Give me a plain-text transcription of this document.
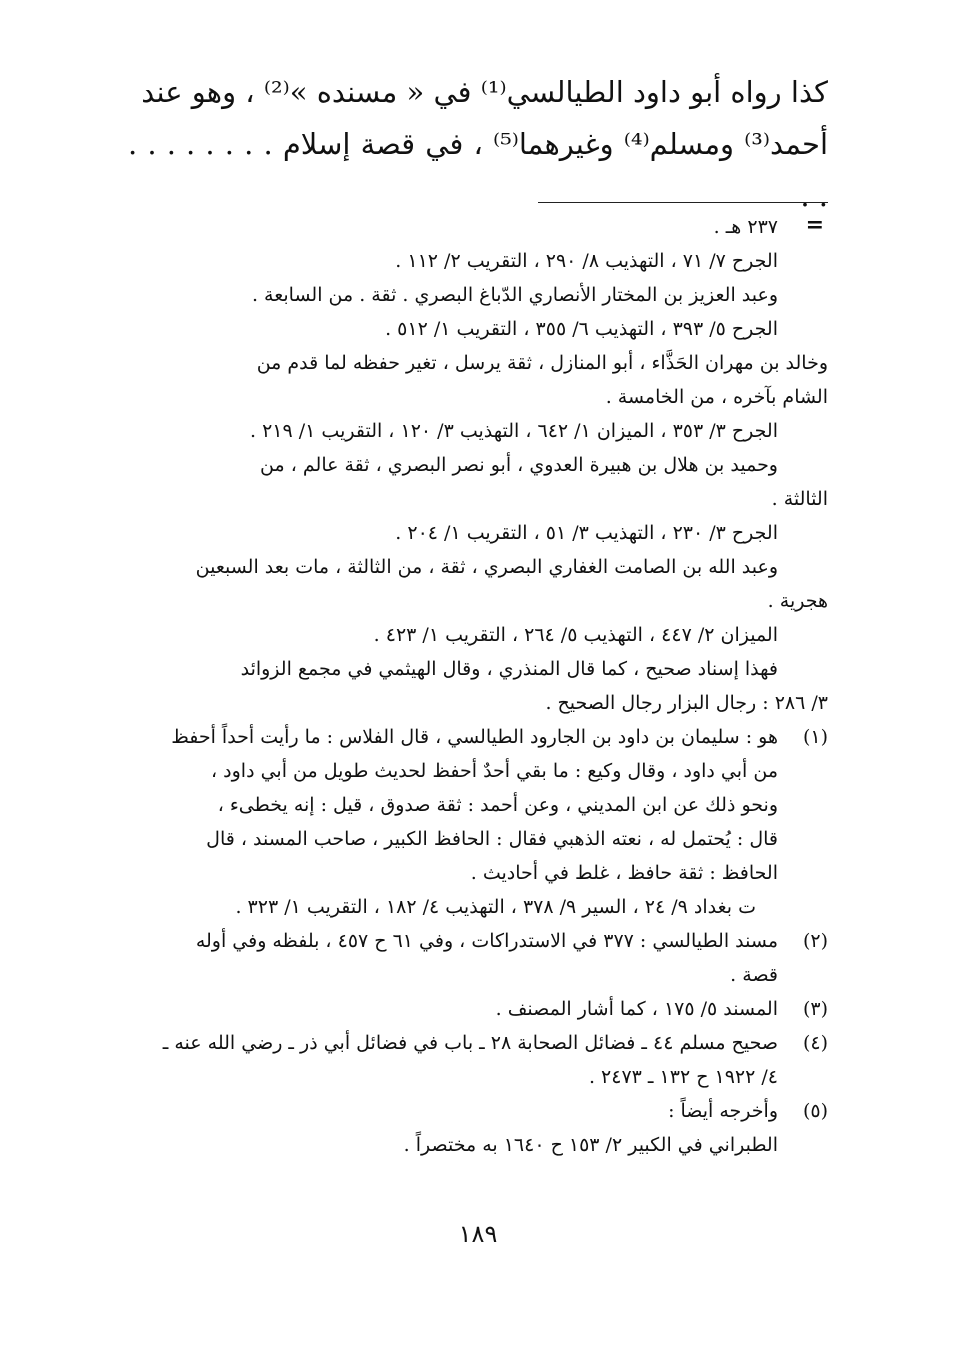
كذا رواه أبو داود الطيالسي⁽¹⁾ في « مسنده »⁽²⁾ ، وهو عند

أحمد⁽³⁾ ومسلم⁽⁴⁾ وغيرهما⁽⁵⁾ ، في قصة إسلام . . . . . . . . . .

=
٢٣٧ هـ .
الجرح ٧/ ٧١ ، التهذيب ٨/ ٢٩٠ ، التقريب ٢/ ١١٢ .
وعبد العزيز بن المختار الأنصاري الدّباغ البصري . ثقة . من السابعة .
الجرح ٥/ ٣٩٣ ، التهذيب ٦/ ٣٥٥ ، التقريب ١/ ٥١٢ .
وخالد بن مهران الحَذَّاء ، أبو المنازل ، ثقة يرسل ، تغير حفظه لما قدم من
الشام بآخره ، من الخامسة .
الجرح ٣/ ٣٥٣ ، الميزان ١/ ٦٤٢ ، التهذيب ٣/ ١٢٠ ، التقريب ١/ ٢١٩ .
وحميد بن هلال بن هبيرة العدوي ، أبو نصر البصري ، ثقة عالم ، من
الثالثة .
الجرح ٣/ ٢٣٠ ، التهذيب ٣/ ٥١ ، التقريب ١/ ٢٠٤ .
وعبد الله بن الصامت الغفاري البصري ، ثقة ، من الثالثة ، مات بعد السبعين
هجرية .
الميزان ٢/ ٤٤٧ ، التهذيب ٥/ ٢٦٤ ، التقريب ١/ ٤٢٣ .
فهذا إسناد صحيح ، كما قال المنذري ، وقال الهيثمي في مجمع الزوائد
٣/ ٢٨٦ : رجال البزار رجال الصحيح .
(١)
هو : سليمان بن داود بن الجارود الطيالسي ، قال الفلاس : ما رأيت أحداً أحفظ
من أبي داود ، وقال وكيع : ما بقي أحدٌ أحفظ لحديث طويل من أبي داود ،
ونحو ذلك عن ابن المديني ، وعن أحمد : ثقة صدوق ، قيل : إنه يخطىء ،
قال : يُحتمل له ، نعته الذهبي فقال : الحافظ الكبير ، صاحب المسند ، قال
الحافظ : ثقة حافظ ، غلط في أحاديث .
ت بغداد ٩/ ٢٤ ، السير ٩/ ٣٧٨ ، التهذيب ٤/ ١٨٢ ، التقريب ١/ ٣٢٣ .
(٢)
مسند الطيالسي : ٣٧٧ في الاستدراكات ، وفي ٦١ ح ٤٥٧ ، بلفظه وفي أوله
قصة .
(٣)
المسند ٥/ ١٧٥ ، كما أشار المصنف .
(٤)
صحيح مسلم ٤٤ ـ فضائل الصحابة ٢٨ ـ باب في فضائل أبي ذر ـ رضي الله عنه ـ
٤/ ١٩٢٢ ح ١٣٢ ـ ٢٤٧٣ .
(٥)
وأخرجه أيضاً :
الطبراني في الكبير ٢/ ١٥٣ ح ١٦٤٠ به مختصراً .
١٨٩
